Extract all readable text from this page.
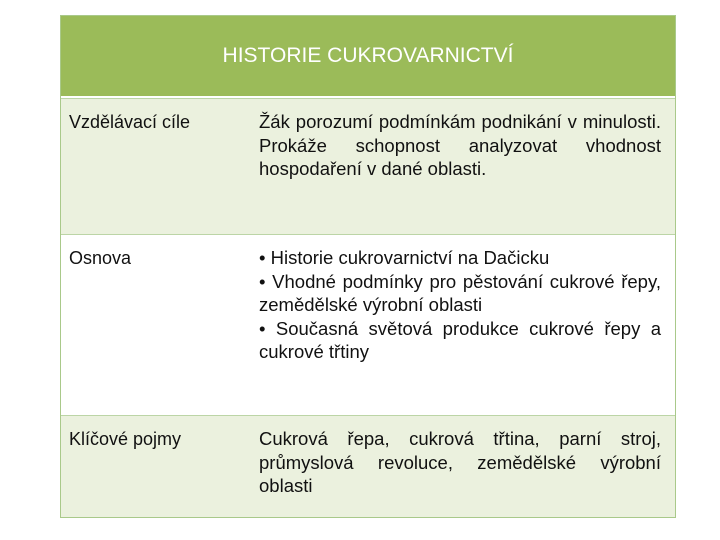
HISTORIE CUKROVARNICTVÍ
Vzdělávací cíle	Žák porozumí podmínkám podnikání v minulosti. Prokáže schopnost analyzovat vhodnost hospodaření v dané oblasti.

Osnova	• Historie cukrovarnictví na Dačicku
• Vhodné podmínky pro pěstování cukrové řepy, zemědělské výrobní oblasti
• Současná světová produkce cukrové řepy a cukrové třtiny
Klíčové pojmy	Cukrová řepa, cukrová třtina, parní stroj, průmyslová revoluce, zemědělské výrobní oblasti
